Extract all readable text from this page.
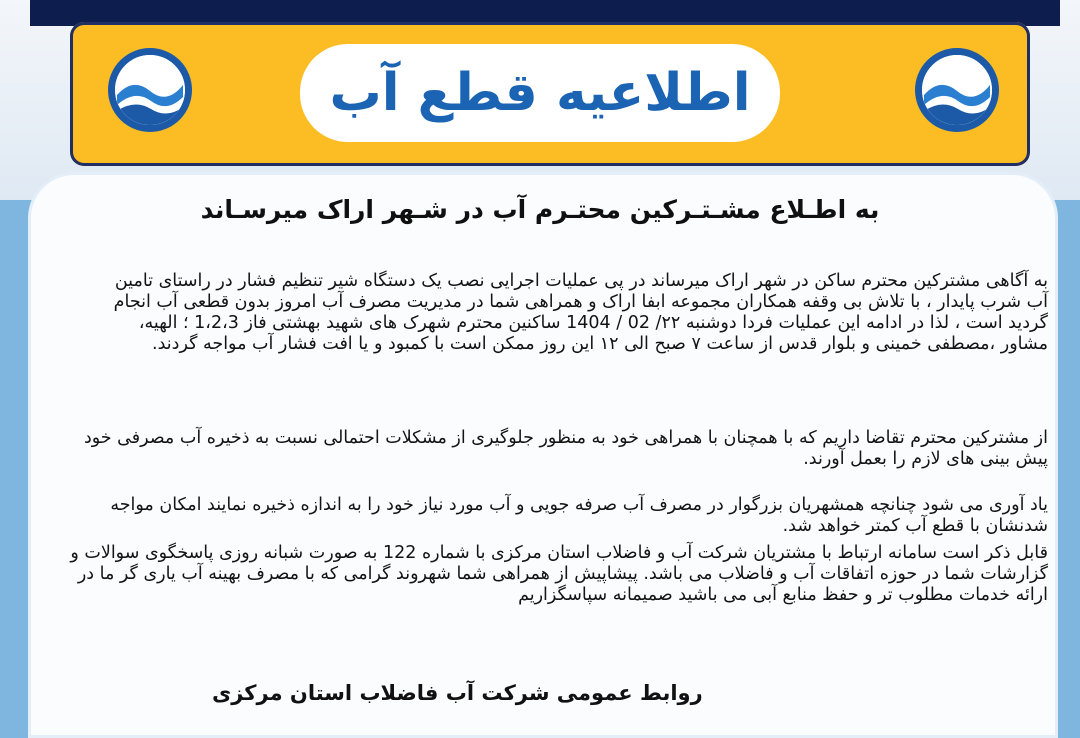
اطلاعیه قطع آب
به اطـلاع مشـتـرکین محتـرم آب در شـهر اراک میرسـاند

به آگاهی مشترکین محترم ساکن در شهر اراک میرساند در پی عملیات اجرایی نصب یک دستگاه شیر تنظیم فشار در راستای تامین آب شرب پایدار ، با تلاش بی وقفه همکاران مجموعه ابفا اراک و همراهی شما در مدیریت مصرف آب امروز بدون قطعی آب انجام گردید است ، لذا در ادامه این عملیات فردا دوشنبه ۲۲/ 02 / 1404 ساکنین محترم شهرک های شهید بهشتی فاز 1،2،3 ؛ الهیه، مشاور ،مصطفی خمینی و بلوار قدس از ساعت ۷ صبح الی ۱۲ این روز ممکن است با کمبود و یا افت فشار آب مواجه گردند.

از مشترکین محترم تقاضا داریم که با همچنان با همراهی خود به منظور جلوگیری از مشکلات احتمالی نسبت به ذخیره آب مصرفی خود پیش بینی های لازم را بعمل آورند.

یاد آوری می شود چنانچه همشهریان بزرگوار در مصرف آب صرفه جویی و آب مورد نیاز خود را به اندازه ذخیره نمایند امکان مواجه شدنشان با قطع آب کمتر خواهد شد.

قابل ذکر است سامانه ارتباط با مشتریان شرکت آب و فاضلاب استان مرکزی با شماره 122 به صورت شبانه روزی پاسخگوی سوالات و گزارشات شما در حوزه اتفاقات آب و فاضلاب می باشد. پیشاپیش از همراهی شما شهروند گرامی که با مصرف بهینه آب یاری گر ما در ارائه خدمات مطلوب تر و حفظ منابع آبی می باشید صمیمانه سپاسگزاریم

روابط عمومی شرکت آب فاضلاب استان مرکزی
